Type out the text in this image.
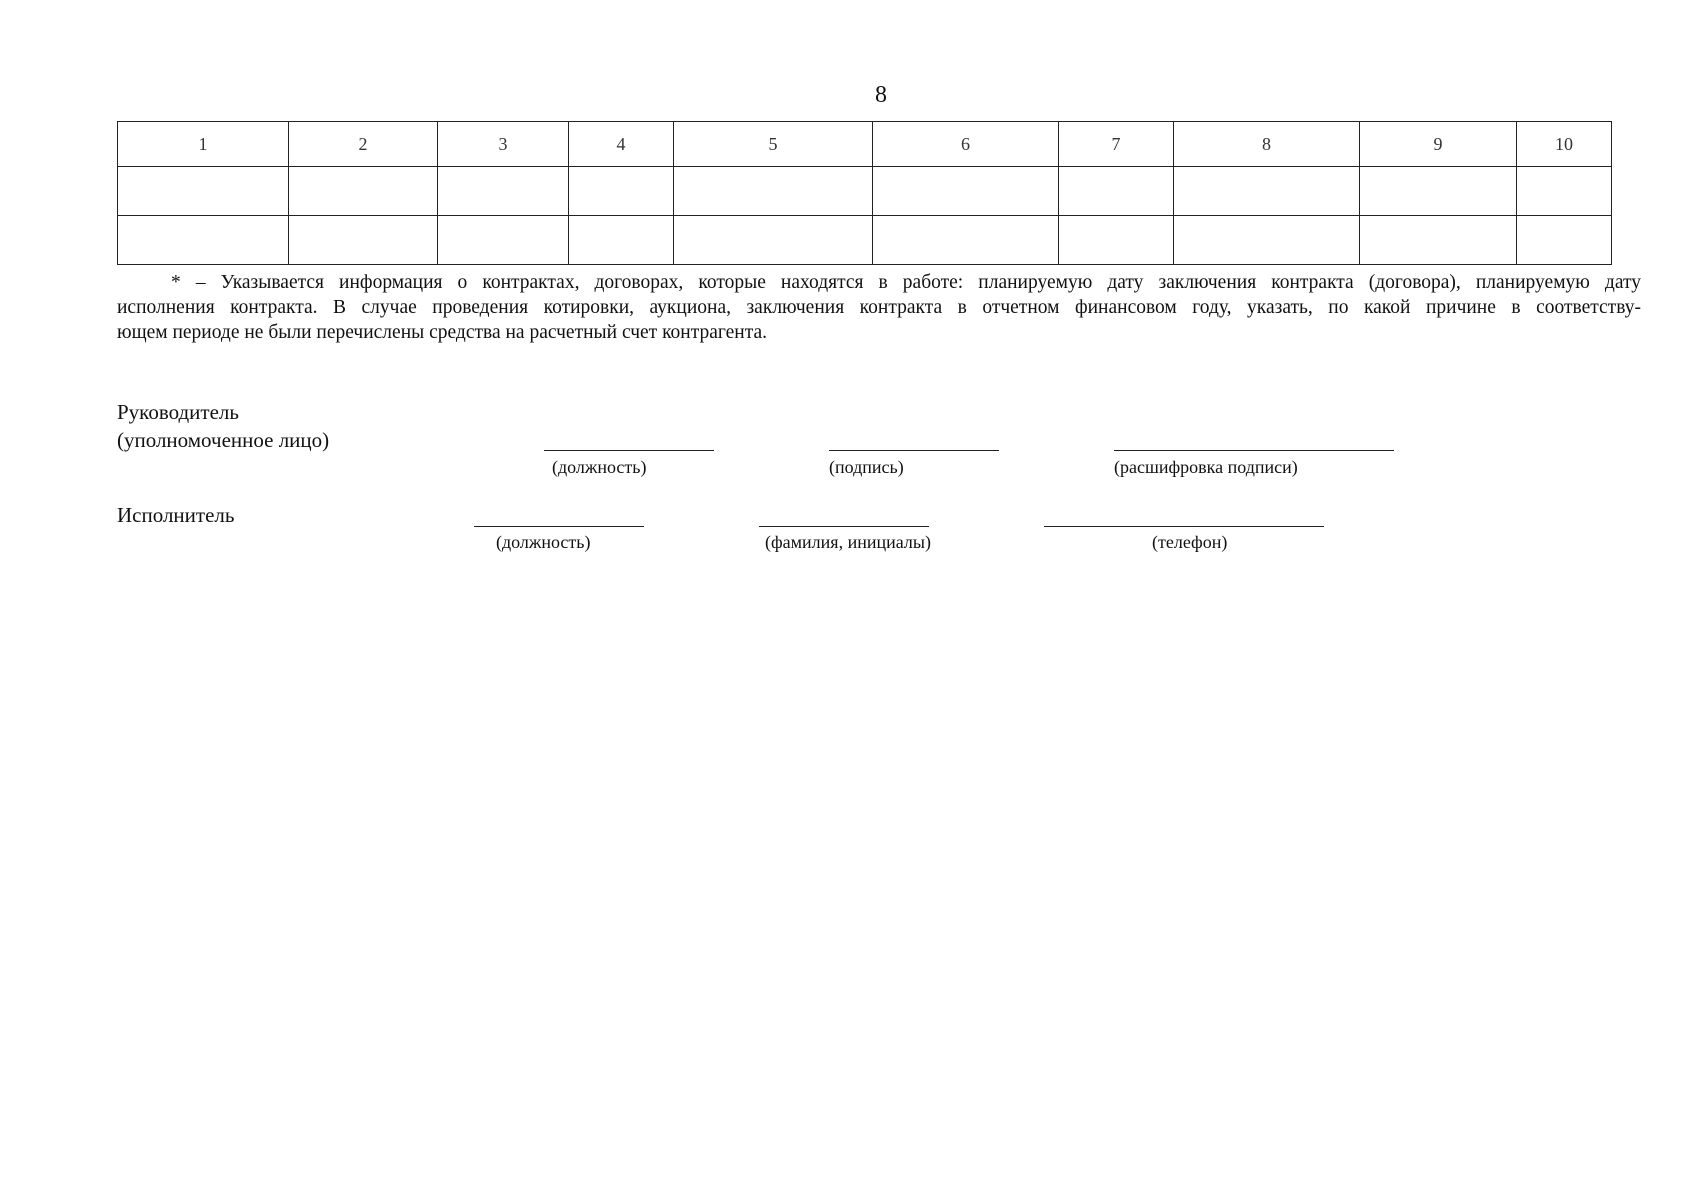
8
1	2	3	4	5	6	7	8	9	10

* – Указывается информация о контрактах, договорах, которые находятся в работе: планируемую дату заключения контракта (договора), планируемую дату
исполнения контракта. В случае проведения котировки, аукциона, заключения контракта в отчетном финансовом году, указать, по какой причине в соответству-
ющем периоде не были перечислены средства на расчетный счет контрагента.
Руководитель
(уполномоченное лицо)
(должность)	(подпись)	(расшифровка подписи)
Исполнитель
(должность)	(фамилия, инициалы)	(телефон)
